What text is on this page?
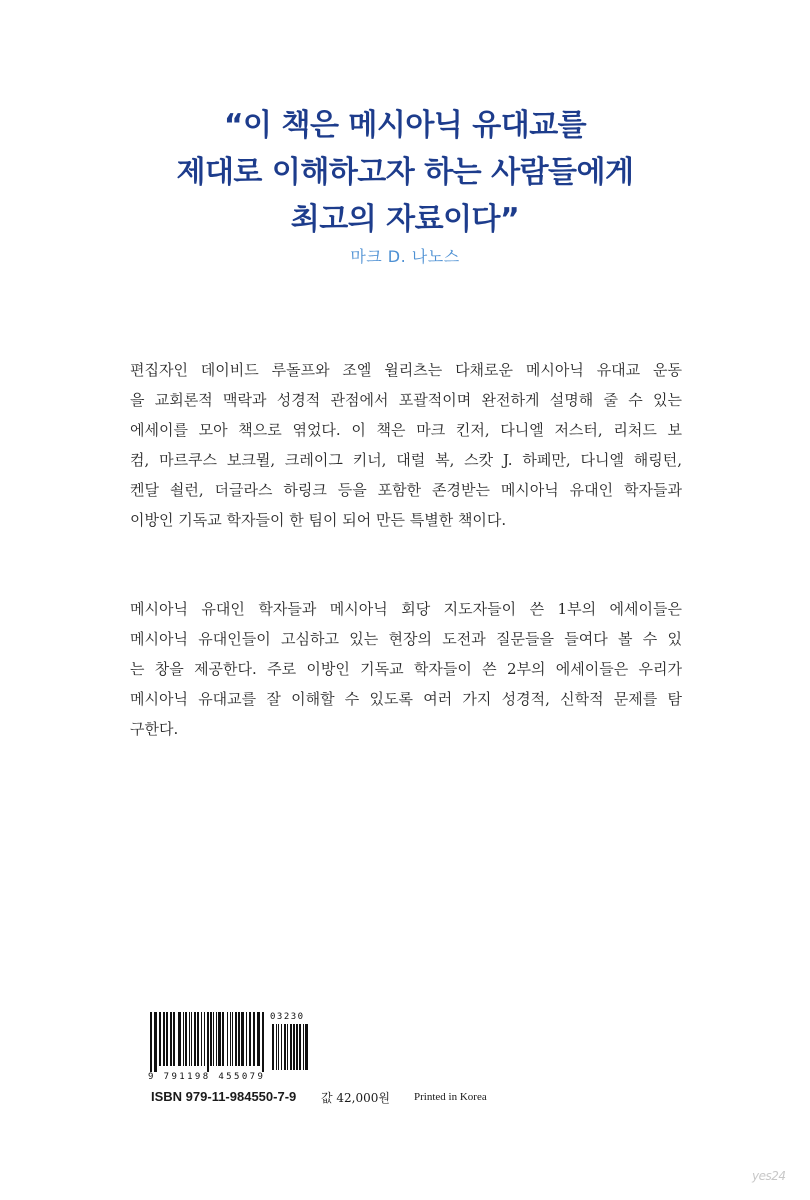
“이 책은 메시아닉 유대교를
제대로 이해하고자 하는 사람들에게
최고의 자료이다”
마크 D. 나노스
편집자인 데이비드 루돌프와 조엘 윌리츠는 다채로운 메시아닉 유대교 운동
을 교회론적 맥락과 성경적 관점에서 포괄적이며 완전하게 설명해 줄 수 있는
에세이를 모아 책으로 엮었다. 이 책은 마크 킨저, 다니엘 저스터, 리처드 보
컴, 마르쿠스 보크뮐, 크레이그 키너, 대럴 복, 스캇 J. 하페만, 다니엘 해링턴,
켄달 쇨런, 더글라스 하링크 등을 포함한 존경받는 메시아닉 유대인 학자들과
이방인 기독교 학자들이 한 팀이 되어 만든 특별한 책이다.
메시아닉 유대인 학자들과 메시아닉 회당 지도자들이 쓴 1부의 에세이들은
메시아닉 유대인들이 고심하고 있는 현장의 도전과 질문들을 들여다 볼 수 있
는 창을 제공한다. 주로 이방인 기독교 학자들이 쓴 2부의 에세이들은 우리가
메시아닉 유대교를 잘 이해할 수 있도록 여러 가지 성경적, 신학적 문제를 탐
구한다.
9 791198 455079
03230
ISBN 979-11-984550-7-9 값 42,000원 Printed in Korea
yes24
